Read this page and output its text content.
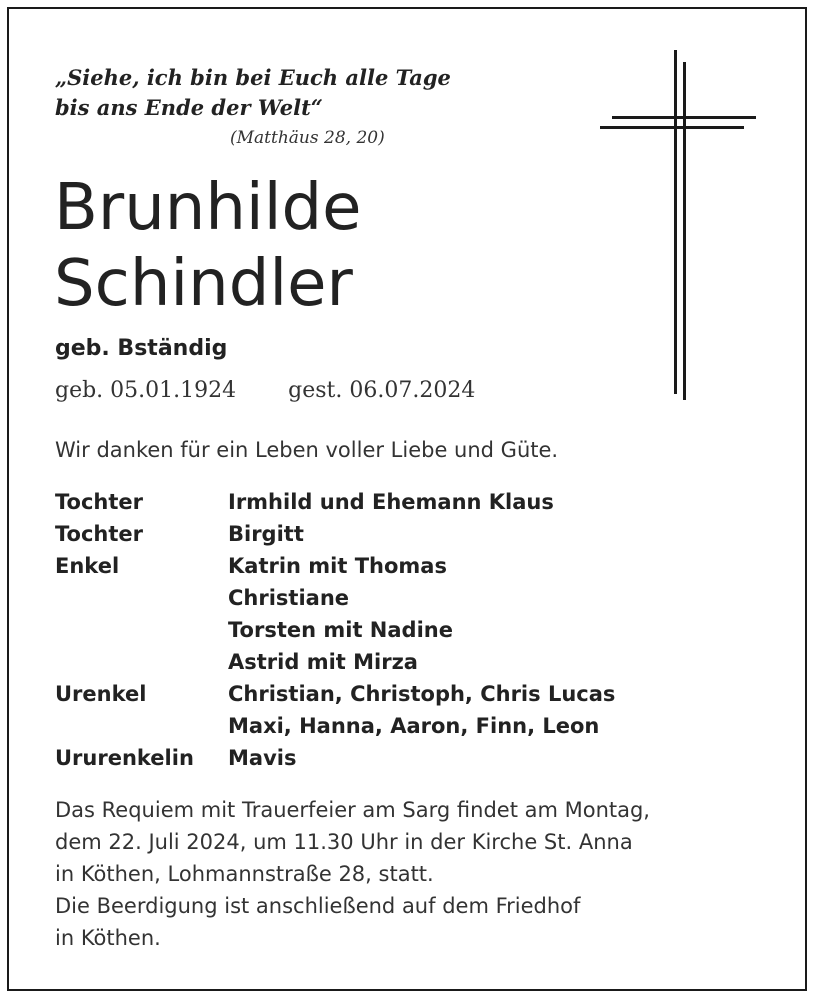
„Siehe, ich bin bei Euch alle Tage
bis ans Ende der Welt“
(Matthäus 28, 20)
Brunhilde
Schindler
geb. Bständig
geb. 05.01.1924 gest. 06.07.2024
Wir danken für ein Leben voller Liebe und Güte.
Tochter	Irmhild und Ehemann Klaus
Tochter	Birgitt
Enkel	Katrin mit Thomas
Christiane
Torsten mit Nadine
Astrid mit Mirza
Urenkel	Christian, Christoph, Chris Lucas
Maxi, Hanna, Aaron, Finn, Leon
Ururenkelin Mavis
Das Requiem mit Trauerfeier am Sarg findet am Montag,
dem 22. Juli 2024, um 11.30 Uhr in der Kirche St. Anna
in Köthen, Lohmannstraße 28, statt.
Die Beerdigung ist anschließend auf dem Friedhof
in Köthen.
